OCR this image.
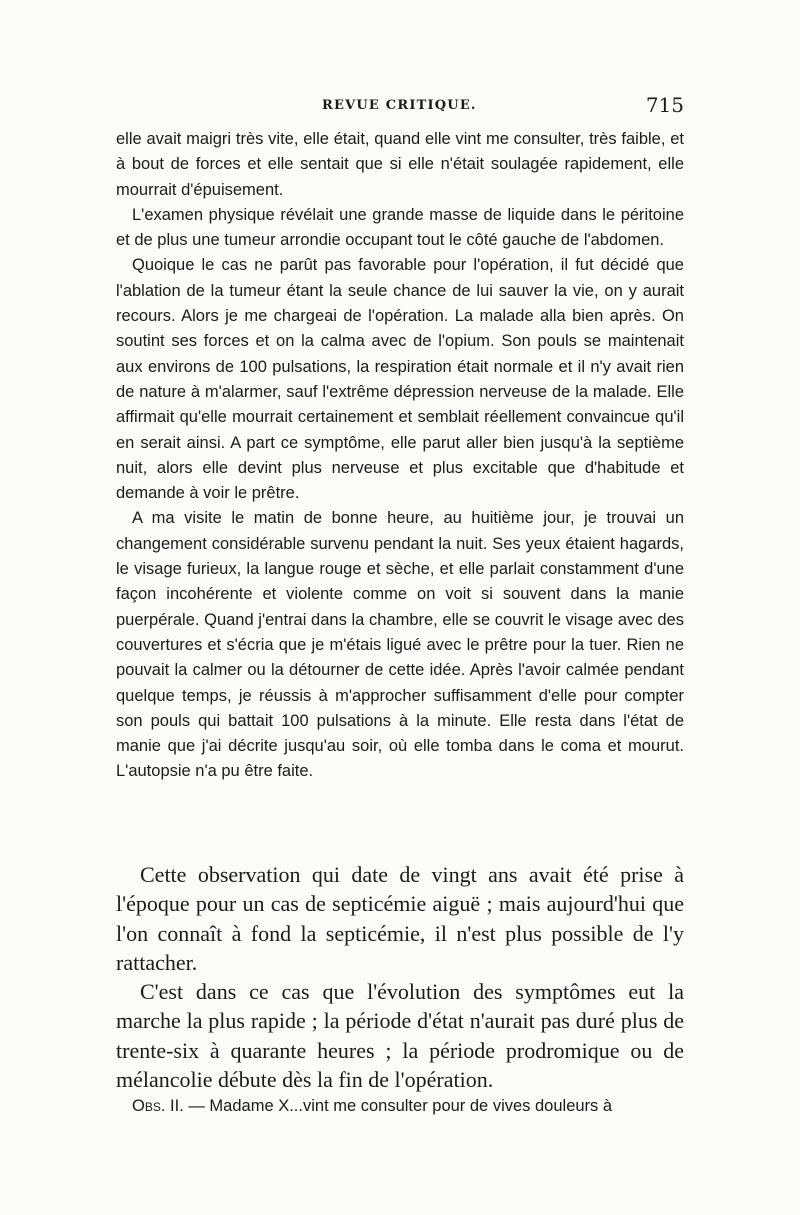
REVUE CRITIQUE.	715

elle avait maigri très vite, elle était, quand elle vint me consulter, très faible, et à bout de forces et elle sentait que si elle n'était soulagée rapidement, elle mourrait d'épuisement.

L'examen physique révélait une grande masse de liquide dans le péritoine et de plus une tumeur arrondie occupant tout le côté gauche de l'abdomen.

Quoique le cas ne parût pas favorable pour l'opération, il fut décidé que l'ablation de la tumeur étant la seule chance de lui sauver la vie, on y aurait recours. Alors je me chargeai de l'opération. La malade alla bien après. On soutint ses forces et on la calma avec de l'opium. Son pouls se maintenait aux environs de 100 pulsations, la respiration était normale et il n'y avait rien de nature à m'alarmer, sauf l'extrême dépression nerveuse de la malade. Elle affirmait qu'elle mourrait certainement et semblait réellement convaincue qu'il en serait ainsi. A part ce symptôme, elle parut aller bien jusqu'à la septième nuit, alors elle devint plus nerveuse et plus excitable que d'habitude et demande à voir le prêtre.

A ma visite le matin de bonne heure, au huitième jour, je trouvai un changement considérable survenu pendant la nuit. Ses yeux étaient hagards, le visage furieux, la langue rouge et sèche, et elle parlait constamment d'une façon incohérente et violente comme on voit si souvent dans la manie puerpérale. Quand j'entrai dans la chambre, elle se couvrit le visage avec des couvertures et s'écria que je m'étais ligué avec le prêtre pour la tuer. Rien ne pouvait la calmer ou la détourner de cette idée. Après l'avoir calmée pendant quelque temps, je réussis à m'approcher suffisamment d'elle pour compter son pouls qui battait 100 pulsations à la minute. Elle resta dans l'état de manie que j'ai décrite jusqu'au soir, où elle tomba dans le coma et mourut. L'autopsie n'a pu être faite.

Cette observation qui date de vingt ans avait été prise à l'époque pour un cas de septicémie aiguë ; mais aujourd'hui que l'on connaît à fond la septicémie, il n'est plus possible de l'y rattacher.

C'est dans ce cas que l'évolution des symptômes eut la marche la plus rapide ; la période d'état n'aurait pas duré plus de trente-six à quarante heures ; la période prodromique ou de mélancolie débute dès la fin de l'opération.

Obs. II. — Madame X...vint me consulter pour de vives douleurs à
